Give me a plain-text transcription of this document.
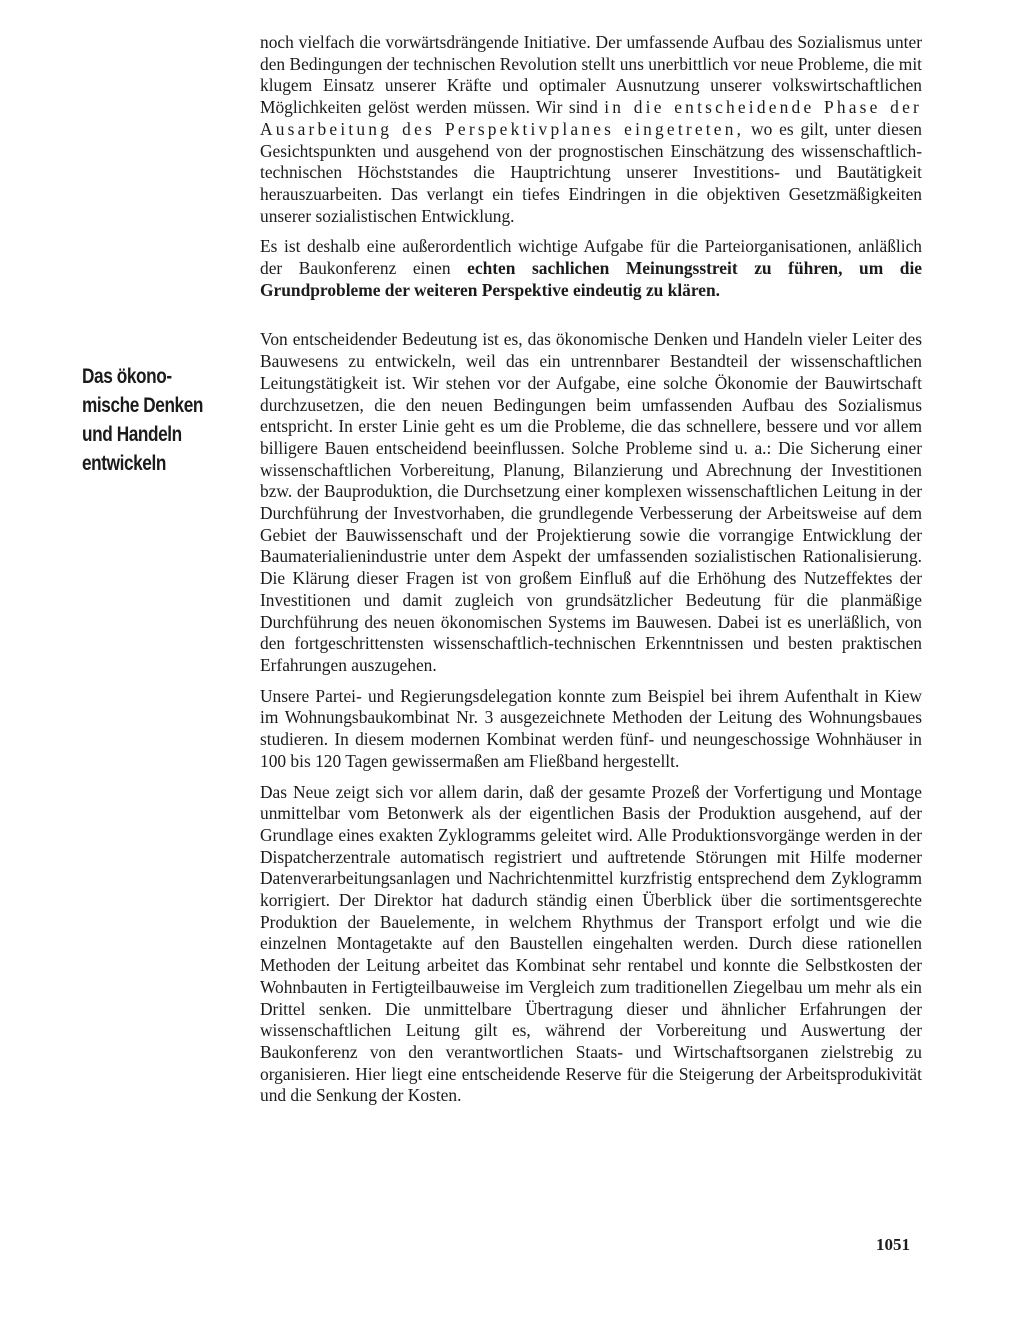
Das ökono-
mische Denken
und Handeln
entwickeln

noch vielfach die vorwärtsdrängende Initiative. Der umfassende Aufbau des Sozialismus unter den Bedingungen der technischen Revolution stellt uns unerbittlich vor neue Probleme, die mit klugem Einsatz unserer Kräfte und optimaler Ausnutzung unserer volkswirtschaftlichen Möglichkeiten gelöst werden müssen. Wir sind in die entscheidende Phase der Ausarbeitung des Perspektivplanes eingetreten, wo es gilt, unter diesen Gesichtspunkten und ausgehend von der prognostischen Einschätzung des wissenschaftlich-technischen Höchststandes die Hauptrichtung unserer Investitions- und Bautätigkeit herauszuarbeiten. Das verlangt ein tiefes Eindringen in die objektiven Gesetzmäßigkeiten unserer sozialistischen Entwicklung.

Es ist deshalb eine außerordentlich wichtige Aufgabe für die Parteiorganisationen, anläßlich der Baukonferenz einen echten sachlichen Meinungsstreit zu führen, um die Grundprobleme der weiteren Perspektive eindeutig zu klären.

Von entscheidender Bedeutung ist es, das ökonomische Denken und Handeln vieler Leiter des Bauwesens zu entwickeln, weil das ein untrennbarer Bestandteil der wissenschaftlichen Leitungstätigkeit ist. Wir stehen vor der Aufgabe, eine solche Ökonomie der Bauwirtschaft durchzusetzen, die den neuen Bedingungen beim umfassenden Aufbau des Sozialismus entspricht. In erster Linie geht es um die Probleme, die das schnellere, bessere und vor allem billigere Bauen entscheidend beeinflussen. Solche Probleme sind u. a.: Die Sicherung einer wissenschaftlichen Vorbereitung, Planung, Bilanzierung und Abrechnung der Investitionen bzw. der Bauproduktion, die Durchsetzung einer komplexen wissenschaftlichen Leitung in der Durchführung der Investvorhaben, die grundlegende Verbesserung der Arbeitsweise auf dem Gebiet der Bauwissenschaft und der Projektierung sowie die vorrangige Entwicklung der Baumaterialienindustrie unter dem Aspekt der umfassenden sozialistischen Rationalisierung. Die Klärung dieser Fragen ist von großem Einfluß auf die Erhöhung des Nutzeffektes der Investitionen und damit zugleich von grundsätzlicher Bedeutung für die planmäßige Durchführung des neuen ökonomischen Systems im Bauwesen. Dabei ist es unerläßlich, von den fortgeschrittensten wissenschaftlich-technischen Erkenntnissen und besten praktischen Erfahrungen auszugehen.

Unsere Partei- und Regierungsdelegation konnte zum Beispiel bei ihrem Aufenthalt in Kiew im Wohnungsbaukombinat Nr. 3 ausgezeichnete Methoden der Leitung des Wohnungsbaues studieren. In diesem modernen Kombinat werden fünf- und neungeschossige Wohnhäuser in 100 bis 120 Tagen gewissermaßen am Fließband hergestellt.

Das Neue zeigt sich vor allem darin, daß der gesamte Prozeß der Vorfertigung und Montage unmittelbar vom Betonwerk als der eigentlichen Basis der Produktion ausgehend, auf der Grundlage eines exakten Zyklogramms geleitet wird. Alle Produktionsvorgänge werden in der Dispatcherzentrale automatisch registriert und auftretende Störungen mit Hilfe moderner Datenverarbeitungsanlagen und Nachrichtenmittel kurzfristig entsprechend dem Zyklogramm korrigiert. Der Direktor hat dadurch ständig einen Überblick über die sortimentsgerechte Produktion der Bauelemente, in welchem Rhythmus der Transport erfolgt und wie die einzelnen Montagetakte auf den Baustellen eingehalten werden. Durch diese rationellen Methoden der Leitung arbeitet das Kombinat sehr rentabel und konnte die Selbstkosten der Wohnbauten in Fertigteilbauweise im Vergleich zum traditionellen Ziegelbau um mehr als ein Drittel senken. Die unmittelbare Übertragung dieser und ähnlicher Erfahrungen der wissenschaftlichen Leitung gilt es, während der Vorbereitung und Auswertung der Baukonferenz von den verantwortlichen Staats- und Wirtschaftsorganen zielstrebig zu organisieren. Hier liegt eine entscheidende Reserve für die Steigerung der Arbeitsprodukivität und die Senkung der Kosten.

1051
